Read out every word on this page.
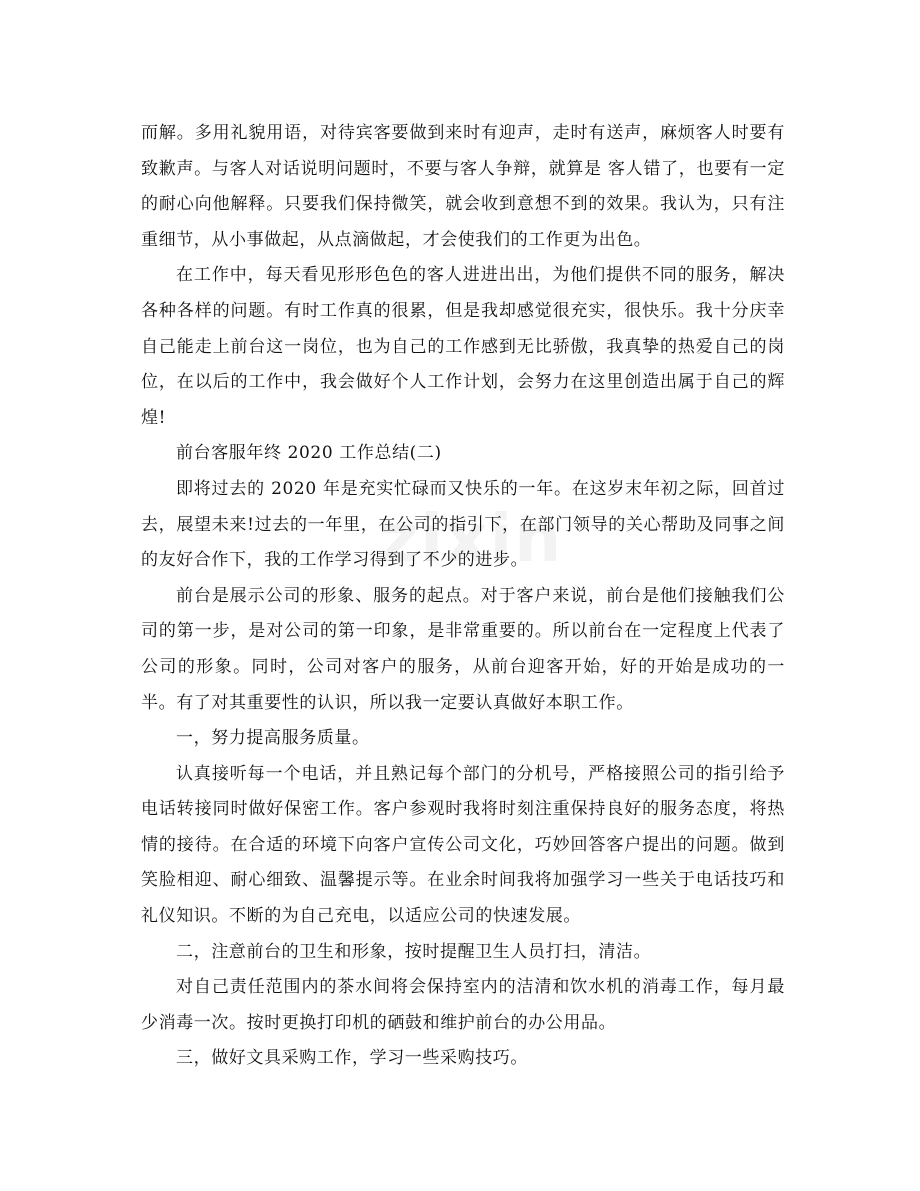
而解。多用礼貌用语，对待宾客要做到来时有迎声，走时有送声，麻烦客人时要有致歉声。与客人对话说明问题时，不要与客人争辩，就算是 客人错了，也要有一定的耐心向他解释。只要我们保持微笑，就会收到意想不到的效果。我认为，只有注重细节，从小事做起，从点滴做起，才会使我们的工作更为出色。

在工作中，每天看见形形色色的客人进进出出，为他们提供不同的服务，解决各种各样的问题。有时工作真的很累，但是我却感觉很充实，很快乐。我十分庆幸自己能走上前台这一岗位，也为自己的工作感到无比骄傲，我真挚的热爱自己的岗位，在以后的工作中，我会做好个人工作计划，会努力在这里创造出属于自己的辉煌!

前台客服年终 2020 工作总结(二)

即将过去的 2020 年是充实忙碌而又快乐的一年。在这岁末年初之际，回首过去，展望未来!过去的一年里，在公司的指引下，在部门领导的关心帮助及同事之间的友好合作下，我的工作学习得到了不少的进步。

前台是展示公司的形象、服务的起点。对于客户来说，前台是他们接触我们公司的第一步，是对公司的第一印象，是非常重要的。所以前台在一定程度上代表了公司的形象。同时，公司对客户的服务，从前台迎客开始，好的开始是成功的一半。有了对其重要性的认识，所以我一定要认真做好本职工作。

一，努力提高服务质量。

认真接听每一个电话，并且熟记每个部门的分机号，严格接照公司的指引给予电话转接同时做好保密工作。客户参观时我将时刻注重保持良好的服务态度，将热情的接待。在合适的环境下向客户宣传公司文化，巧妙回答客户提出的问题。做到笑脸相迎、耐心细致、温馨提示等。在业余时间我将加强学习一些关于电话技巧和礼仪知识。不断的为自己充电，以适应公司的快速发展。

二，注意前台的卫生和形象，按时提醒卫生人员打扫，清洁。

对自己责任范围内的茶水间将会保持室内的洁清和饮水机的消毒工作，每月最少消毒一次。按时更换打印机的硒鼓和维护前台的办公用品。

三，做好文具采购工作，学习一些采购技巧。
